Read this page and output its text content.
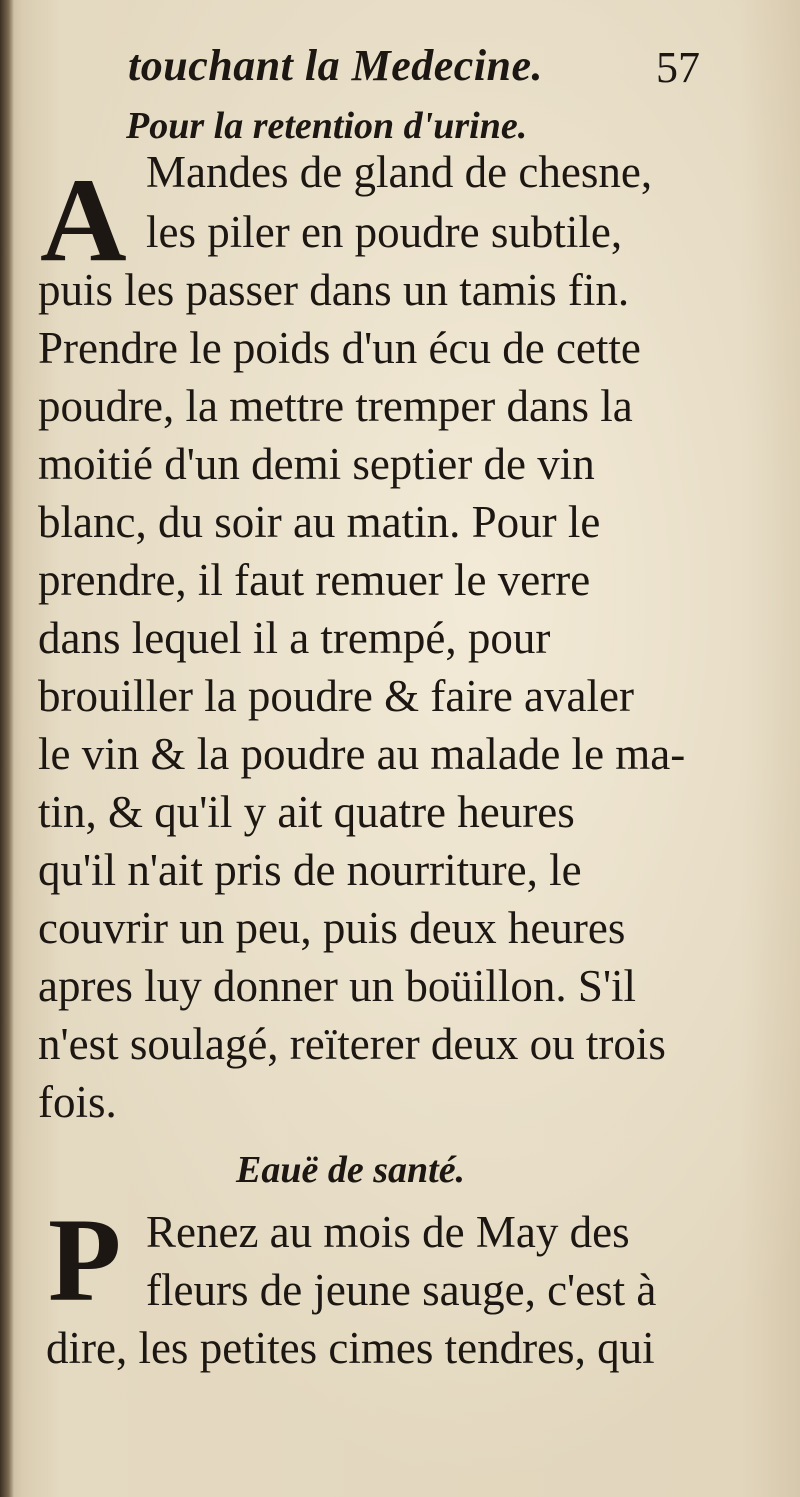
touchant la Medecine.	57
Pour la retention d'urine.
A Mandes de gland de chesne,
les piler en poudre subtile,
puis les passer dans un tamis fin.
Prendre le poids d'un écu de cette
poudre, la mettre tremper dans la
moitié d'un demi septier de vin
blanc, du soir au matin. Pour le
prendre, il faut remuer le verre
dans lequel il a trempé, pour
brouiller la poudre & faire avaler
le vin & la poudre au malade le ma-
tin, & qu'il y ait quatre heures
qu'il n'ait pris de nourriture, le
couvrir un peu, puis deux heures
apres luy donner un boüillon. S'il
n'est soulagé, reïterer deux ou trois
Eauë de santé.
P Renez au mois de May des
fleurs de jeune sauge, c'est à
dire, les petites cimes tendres, qui
fois.
